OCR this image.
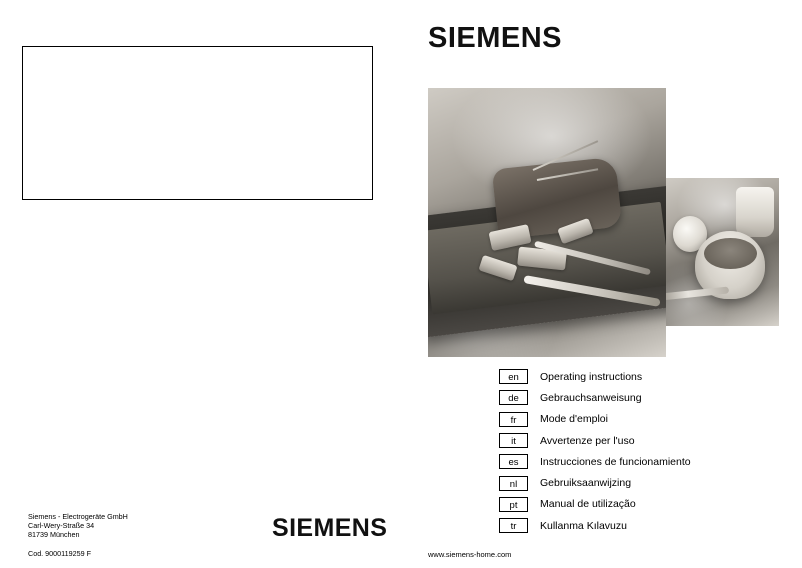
Siemens - Electrogeräte GmbH
Carl-Wery-Straße 34
81739 München
Cod. 9000119259 F
SIEMENS
en	Operating instructions
de	Gebrauchsanweisung
fr	Mode d'emploi
it	Avvertenze per l'uso
es	Instrucciones de funcionamiento
nl	Gebruiksaanwijzing
pt	Manual de utilização
tr	Kullanma Kılavuzu
SIEMENS
www.siemens-home.com
